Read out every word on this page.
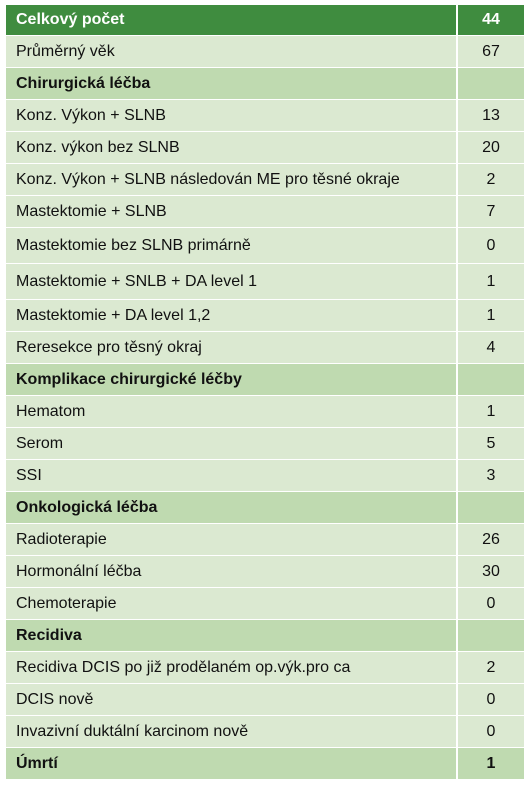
Celkový počet	44
Průměrný věk	67
Chirurgická léčba	
Konz. Výkon + SLNB	13
Konz. výkon bez SLNB	20
Konz. Výkon + SLNB následován ME pro těsné okraje	2
Mastektomie + SLNB	7
Mastektomie bez SLNB primárně	0
Mastektomie + SNLB + DA level 1	1
Mastektomie + DA level 1,2	1
Reresekce pro těsný okraj	4
Komplikace chirurgické léčby	
Hematom	1
Serom	5
SSI	3
Onkologická léčba	
Radioterapie	26
Hormonální léčba	30
Chemoterapie	0
Recidiva	
Recidiva DCIS po již prodělaném op.výk.pro ca	2
DCIS nově	0
Invazivní duktální karcinom nově	0
Úmrtí	1
